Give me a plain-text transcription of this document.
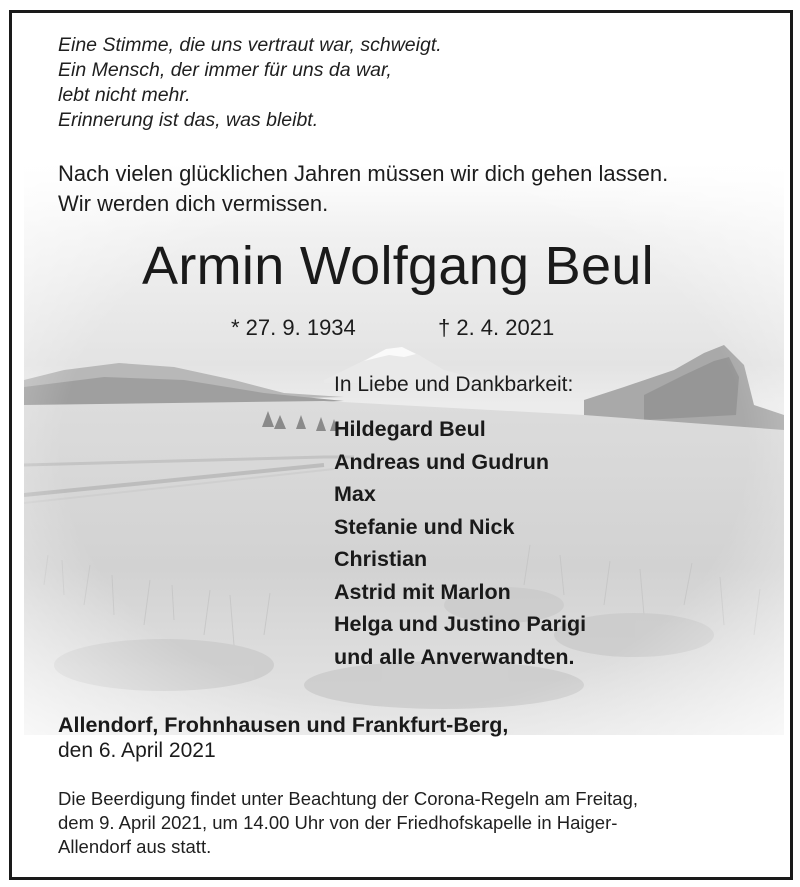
Eine Stimme, die uns vertraut war, schweigt.
Ein Mensch, der immer für uns da war,
lebt nicht mehr.
Erinnerung ist das, was bleibt.
Nach vielen glücklichen Jahren müssen wir dich gehen lassen.
Wir werden dich vermissen.
Armin Wolfgang Beul
* 27. 9. 1934	† 2. 4. 2021
In Liebe und Dankbarkeit:
Hildegard Beul
Andreas und Gudrun
Max
Stefanie und Nick
Christian
Astrid mit Marlon
Helga und Justino Parigi
und alle Anverwandten.
Allendorf, Frohnhausen und Frankfurt-Berg,
den 6. April 2021
Die Beerdigung findet unter Beachtung der Corona-Regeln am Freitag,
dem 9. April 2021, um 14.00 Uhr von der Friedhofskapelle in Haiger-
Allendorf aus statt.
